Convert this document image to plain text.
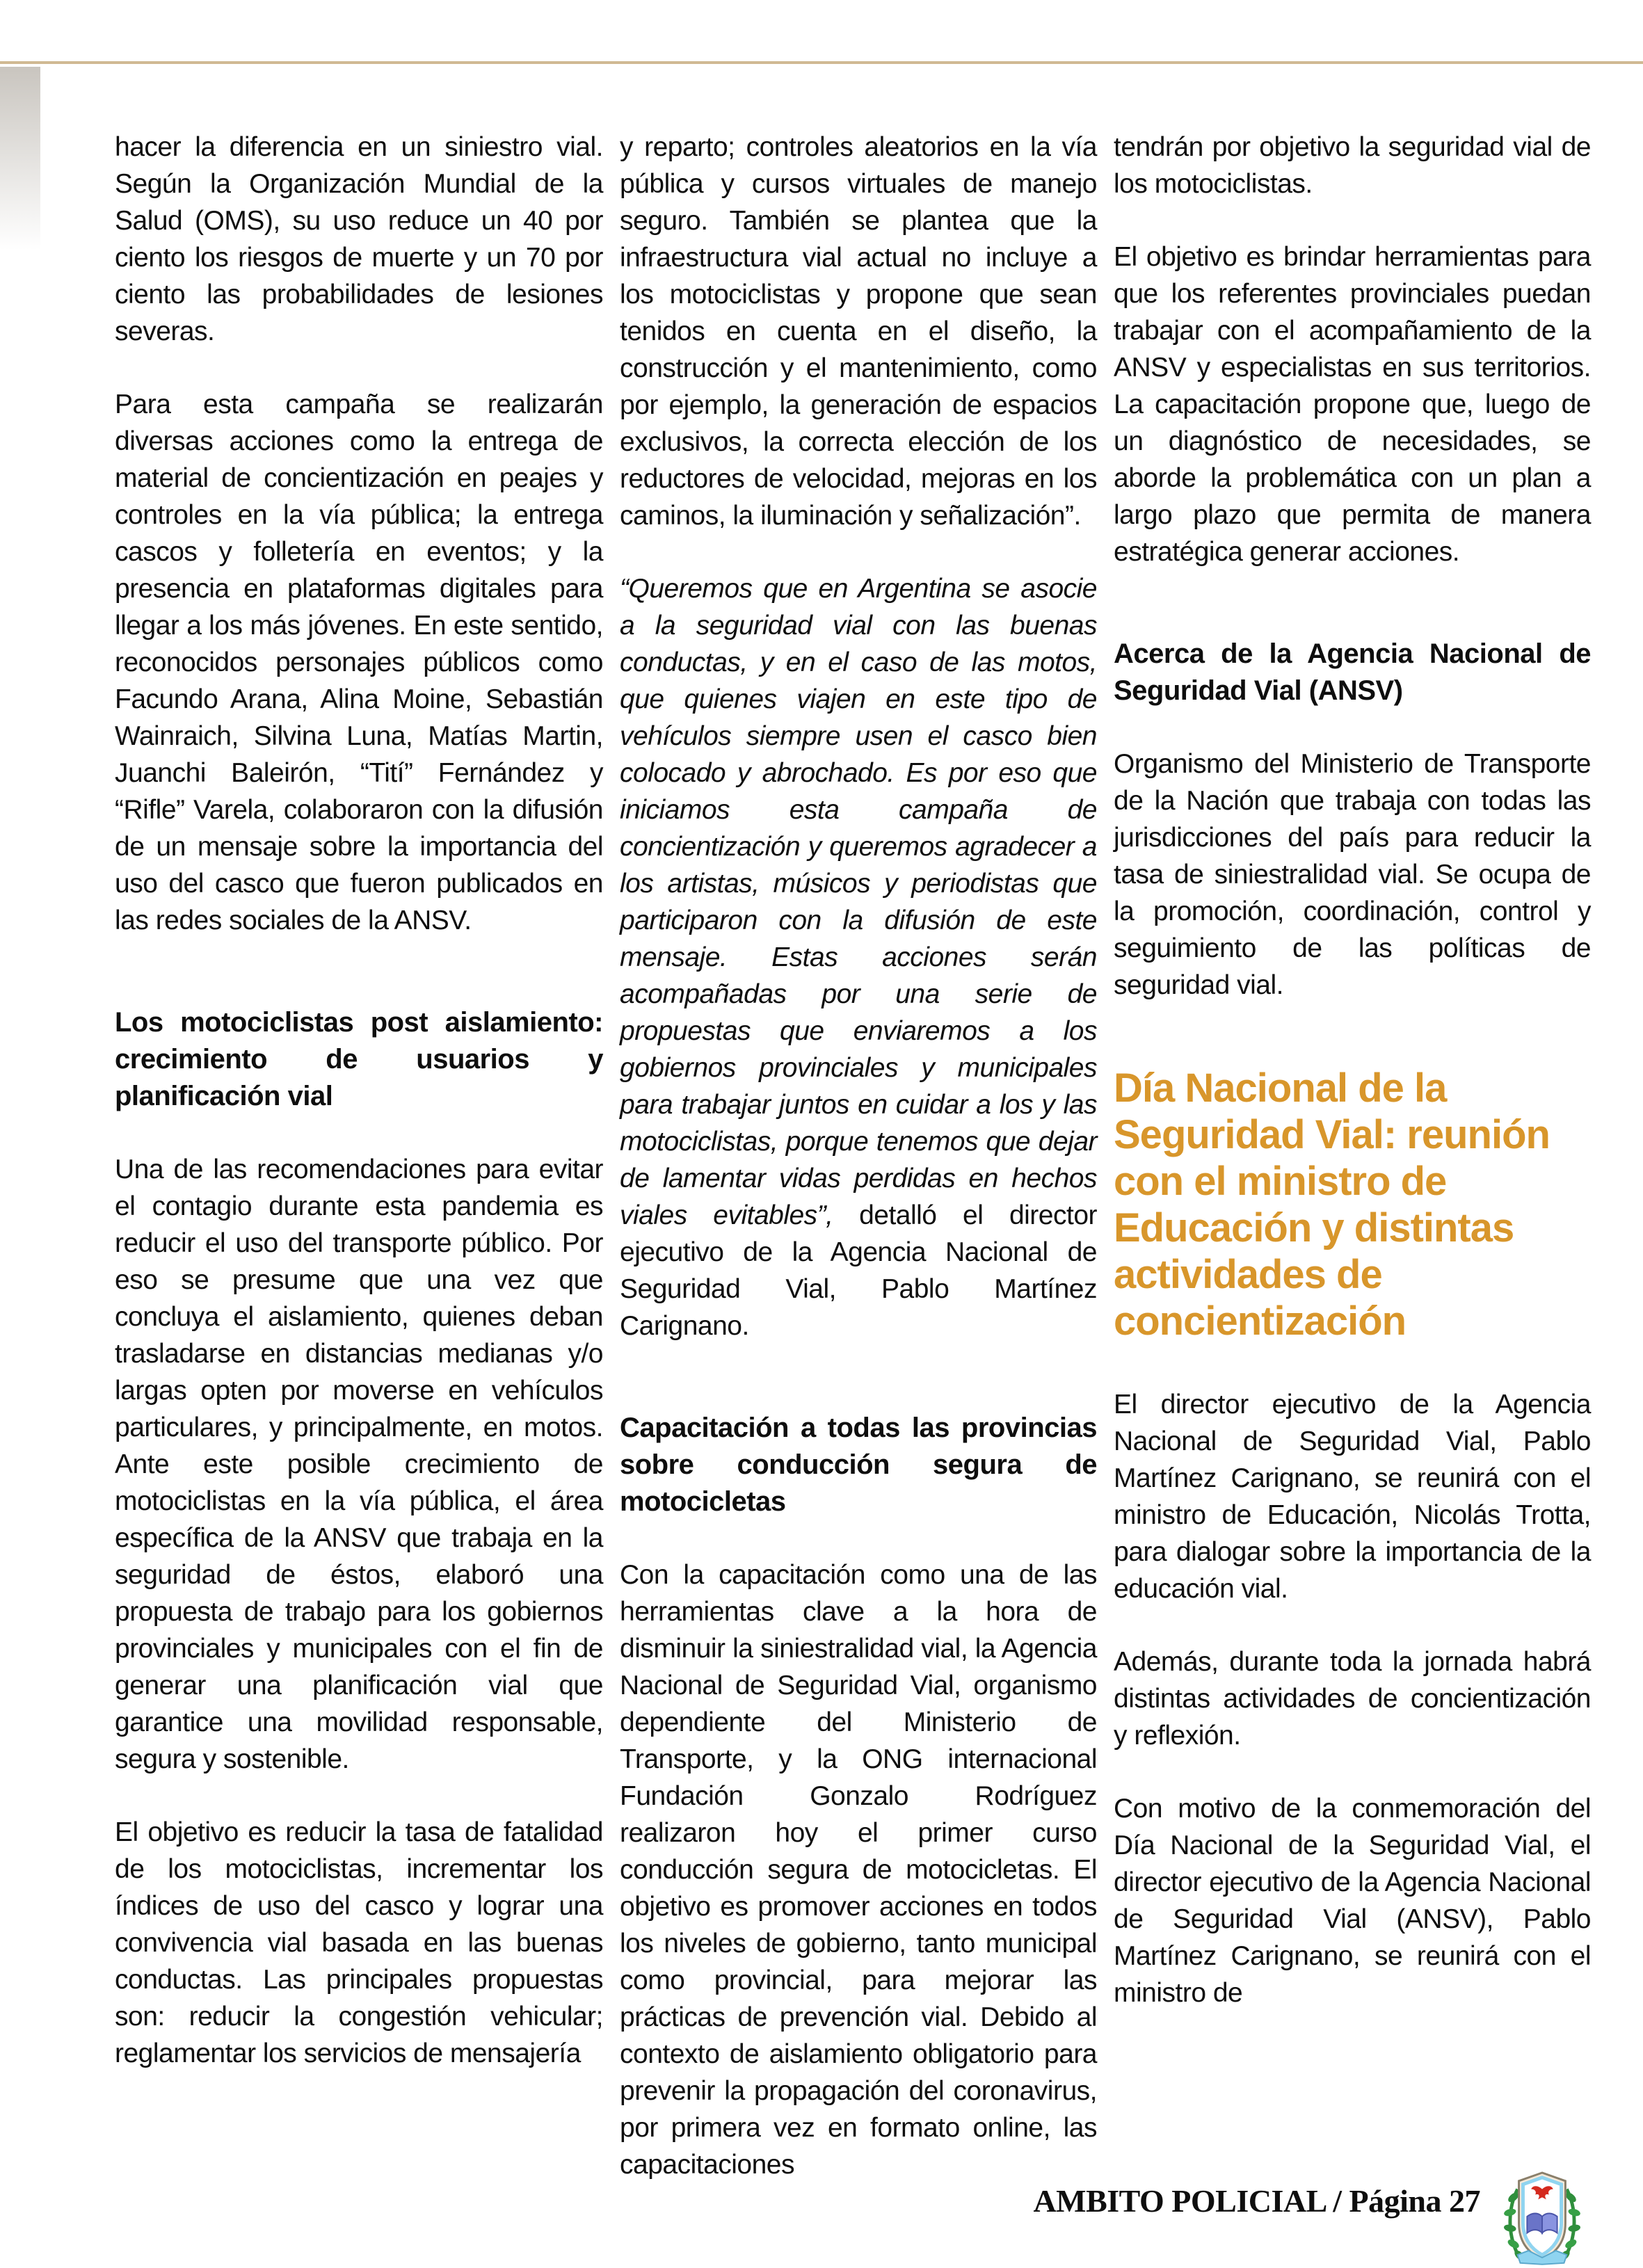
hacer la diferencia en un siniestro vial. Según la Organización Mundial de la Salud (OMS), su uso reduce un 40 por ciento los riesgos de muerte y un 70 por ciento las probabilidades de lesiones severas.

Para esta campaña se realizarán diversas acciones como la entrega de material de concientización en peajes y controles en la vía pública; la entrega cascos y folletería en eventos; y la presencia en plataformas digitales para llegar a los más jóvenes. En este sentido, reconocidos personajes públicos como Facundo Arana, Alina Moine, Sebastián Wainraich, Silvina Luna, Matías Martin, Juanchi Baleirón, “Tití” Fernández y “Rifle” Varela, colaboraron con la difusión de un mensaje sobre la importancia del uso del casco que fueron publicados en las redes sociales de la ANSV.

Los motociclistas post aislamiento: crecimiento de usuarios y planificación vial

Una de las recomendaciones para evitar el contagio durante esta pandemia es reducir el uso del transporte público. Por eso se presume que una vez que concluya el aislamiento, quienes deban trasladarse en distancias medianas y/o largas opten por moverse en vehículos particulares, y principalmente, en motos. Ante este posible crecimiento de motociclistas en la vía pública, el área específica de la ANSV que trabaja en la seguridad de éstos, elaboró una propuesta de trabajo para los gobiernos provinciales y municipales con el fin de generar una planificación vial que garantice una movilidad responsable, segura y sostenible.

El objetivo es reducir la tasa de fatalidad de los motociclistas, incrementar los índices de uso del casco y lograr una convivencia vial basada en las buenas conductas. Las principales propuestas son: reducir la congestión vehicular; reglamentar los servicios de mensajería

y reparto; controles aleatorios en la vía pública y cursos virtuales de manejo seguro. También se plantea que la infraestructura vial actual no incluye a los motociclistas y propone que sean tenidos en cuenta en el diseño, la construcción y el mantenimiento, como por ejemplo, la generación de espacios exclusivos, la correcta elección de los reductores de velocidad, mejoras en los caminos, la iluminación y señalización”.

“Queremos que en Argentina se asocie a la seguridad vial con las buenas conductas, y en el caso de las motos, que quienes viajen en este tipo de vehículos siempre usen el casco bien colocado y abrochado. Es por eso que iniciamos esta campaña de concientización y queremos agradecer a los artistas, músicos y periodistas que participaron con la difusión de este mensaje. Estas acciones serán acompañadas por una serie de propuestas que enviaremos a los gobiernos provinciales y municipales para trabajar juntos en cuidar a los y las motociclistas, porque tenemos que dejar de lamentar vidas perdidas en hechos viales evitables”, detalló el director ejecutivo de la Agencia Nacional de Seguridad Vial, Pablo Martínez Carignano.

Capacitación a todas las provincias sobre conducción segura de motocicletas

Con la capacitación como una de las herramientas clave a la hora de disminuir la siniestralidad vial, la Agencia Nacional de Seguridad Vial, organismo dependiente del Ministerio de Transporte, y la ONG internacional Fundación Gonzalo Rodríguez realizaron hoy el primer curso conducción segura de motocicletas. El objetivo es promover acciones en todos los niveles de gobierno, tanto municipal como provincial, para mejorar las prácticas de prevención vial. Debido al contexto de aislamiento obligatorio para prevenir la propagación del coronavirus, por primera vez en formato online, las capacitaciones

tendrán por objetivo la seguridad vial de los motociclistas.

El objetivo es brindar herramientas para que los referentes provinciales puedan trabajar con el acompañamiento de la ANSV y especialistas en sus territorios. La capacitación propone que, luego de un diagnóstico de necesidades, se aborde la problemática con un plan a largo plazo que permita de manera estratégica generar acciones.

Acerca de la Agencia Nacional de Seguridad Vial (ANSV)

Organismo del Ministerio de Transporte de la Nación que trabaja con todas las jurisdicciones del país para reducir la tasa de siniestralidad vial. Se ocupa de la promoción, coordinación, control y seguimiento de las políticas de seguridad vial.

Día Nacional de la Seguridad Vial: reunión con el ministro de Educación y distintas actividades de concientización

El director ejecutivo de la Agencia Nacional de Seguridad Vial, Pablo Martínez Carignano, se reunirá con el ministro de Educación, Nicolás Trotta, para dialogar sobre la importancia de la educación vial.

Además, durante toda la jornada habrá distintas actividades de concientización y reflexión.

Con motivo de la conmemoración del Día Nacional de la Seguridad Vial, el director ejecutivo de la Agencia Nacional de Seguridad Vial (ANSV), Pablo Martínez Carignano, se reunirá con el ministro de

AMBITO POLICIAL / Página 27
